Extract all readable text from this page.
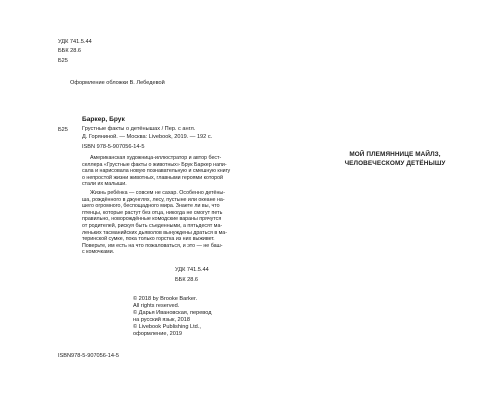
УДК 741.5.44
ББК 28.6
Б25
Оформление обложки В. Лебедевой
Б25
Баркер, Брук
Грустные факты о детёнышах / Пер. с англ.
Д. Горяниной. — Москва: Livebook, 2019. — 192 с.
ISBN 978-5-907056-14-5
Американская художница-иллюстратор и автор бест-
селлера «Грустные факты о животных» Брук Баркер напи-
сала и нарисовала новую познавательную и смешную книгу
о непростой жизни животных, главными героями которой
стали их малыши.
Жизнь ребёнка — совсем не сахар. Особенно детёны-
ша, рождённого в джунглях, лесу, пустыне или океане на-
шего огромного, беспощадного мира. Знаете ли вы, что
птенцы, которые растут без отца, никогда не смогут петь
правильно, новорождённые комодские вараны прячутся
от родителей, рискуя быть съеденными, а пятьдесят ма-
леньких тасманийских дьяволов вынуждены драться в ма-
теринской сумке, пока только горстка из них выживет.
Поверьте, им есть на что пожаловаться, и это — не баш-
с комочками.
УДК 741.5.44
ББК 28.6
© 2018 by Brooke Barker.
All rights reserved.
© Дарья Ивановская, перевод
на русский язык, 2018
© Livebook Publishing Ltd.,
оформление, 2019
ISBN978-5-907056-14-5
МОЙ ПЛЕМЯННИЦЕ МАЙЛЗ,
ЧЕЛОВЕЧЕСКОМУ ДЕТЁНЫШУ
